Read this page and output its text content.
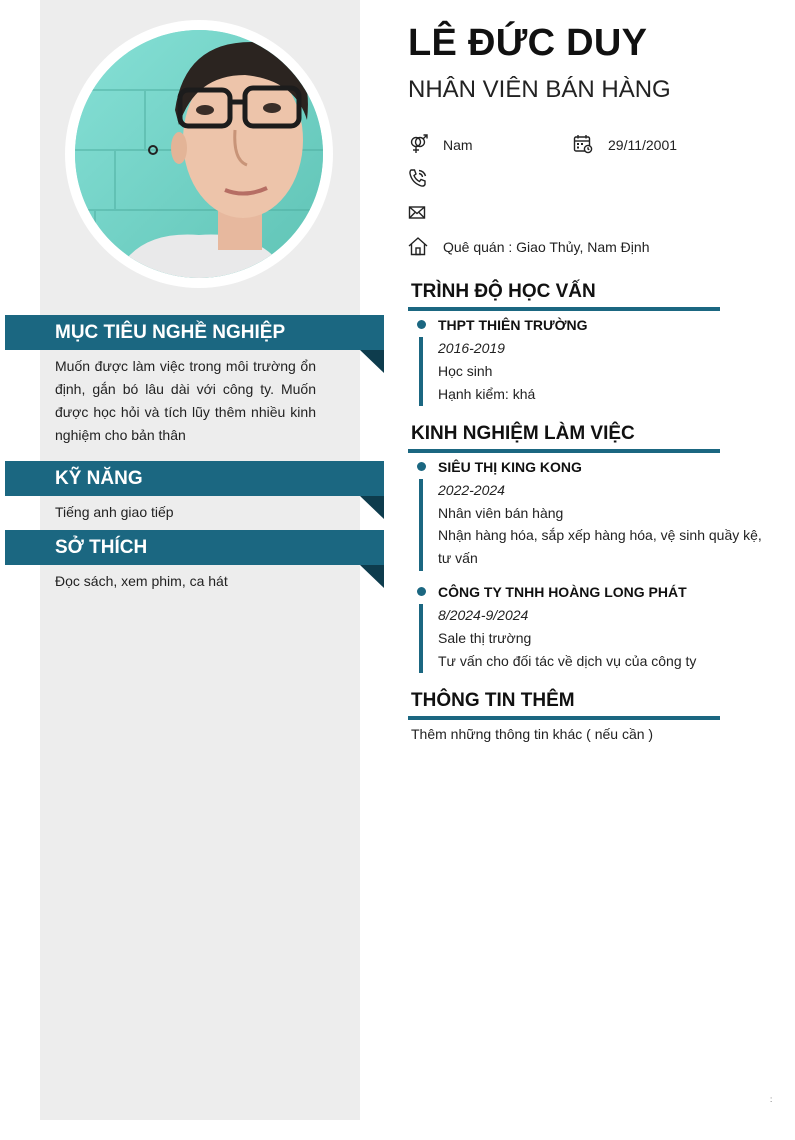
MỤC TIÊU NGHỀ NGHIỆP
Muốn được làm việc trong môi trường ổn định, gắn bó lâu dài với công ty. Muốn được học hỏi và tích lũy thêm nhiều kinh nghiệm cho bản thân
KỸ NĂNG
Tiếng anh giao tiếp
SỞ THÍCH
Đọc sách, xem phim, ca hát
LÊ ĐỨC DUY
NHÂN VIÊN BÁN HÀNG
Nam	29/11/2001
Quê quán : Giao Thủy, Nam Định
TRÌNH ĐỘ HỌC VẤN
THPT THIÊN TRƯỜNG
2016-2019
Học sinh
Hạnh kiểm: khá
KINH NGHIỆM LÀM VIỆC
SIÊU THỊ KING KONG
2022-2024
Nhân viên bán hàng
Nhận hàng hóa, sắp xếp hàng hóa, vệ sinh quầy kệ, tư vấn
CÔNG TY TNHH HOÀNG LONG PHÁT
8/2024-9/2024
Sale thị trường
Tư vấn cho đối tác về dịch vụ của công ty
THÔNG TIN THÊM
Thêm những thông tin khác ( nếu cần )
:
